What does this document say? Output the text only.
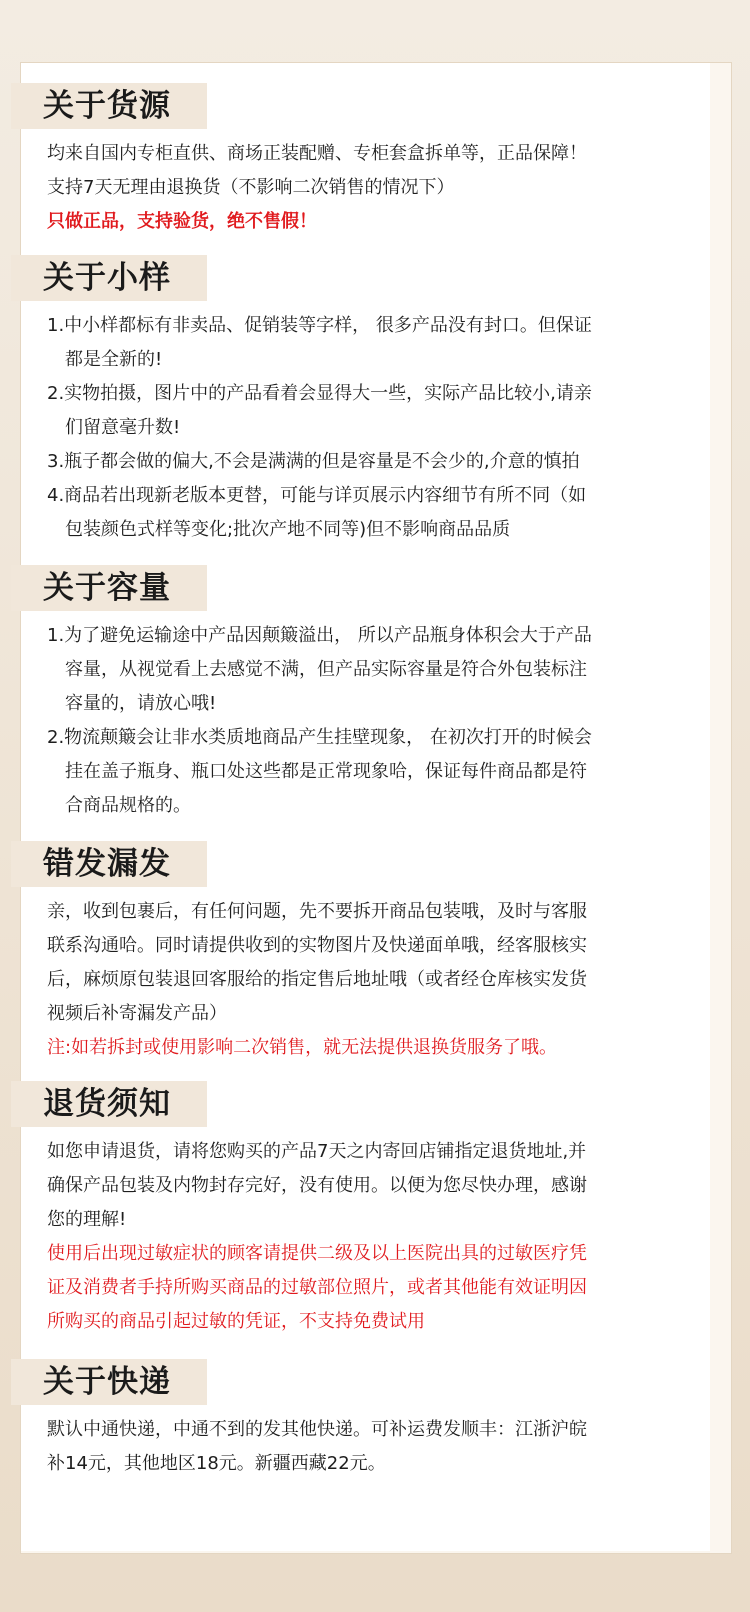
关于货源
均来自国内专柜直供、商场正装配赠、专柜套盒拆单等，正品保障！
支持7天无理由退换货（不影响二次销售的情况下）
只做正品，支持验货，绝不售假！
关于小样
1.中小样都标有非卖品、促销装等字样， 很多产品没有封口。但保证
都是全新的!
2.实物拍摄，图片中的产品看着会显得大一些，实际产品比较小,请亲
们留意毫升数!
3.瓶子都会做的偏大,不会是满满的但是容量是不会少的,介意的慎拍
4.商品若出现新老版本更替，可能与详页展示内容细节有所不同（如
包装颜色式样等变化;批次产地不同等)但不影响商品品质
关于容量
1.为了避免运输途中产品因颠簸溢出， 所以产品瓶身体积会大于产品
容量，从视觉看上去感觉不满，但产品实际容量是符合外包装标注
容量的，请放心哦!
2.物流颠簸会让非水类质地商品产生挂壁现象， 在初次打开的时候会
挂在盖子瓶身、瓶口处这些都是正常现象哈，保证每件商品都是符
合商品规格的。
错发漏发
亲，收到包裹后，有任何问题，先不要拆开商品包装哦，及时与客服
联系沟通哈。同时请提供收到的实物图片及快递面单哦，经客服核实
后，麻烦原包装退回客服给的指定售后地址哦（或者经仓库核实发货
视频后补寄漏发产品）
注:如若拆封或使用影响二次销售，就无法提供退换货服务了哦。
退货须知
如您申请退货，请将您购买的产品7天之内寄回店铺指定退货地址,并
确保产品包装及内物封存完好，没有使用。以便为您尽快办理，感谢
您的理解!
使用后出现过敏症状的顾客请提供二级及以上医院出具的过敏医疗凭
证及消费者手持所购买商品的过敏部位照片，或者其他能有效证明因
所购买的商品引起过敏的凭证，不支持免费试用
关于快递
默认中通快递，中通不到的发其他快递。可补运费发顺丰：江浙沪皖
补14元，其他地区18元。新疆西藏22元。
